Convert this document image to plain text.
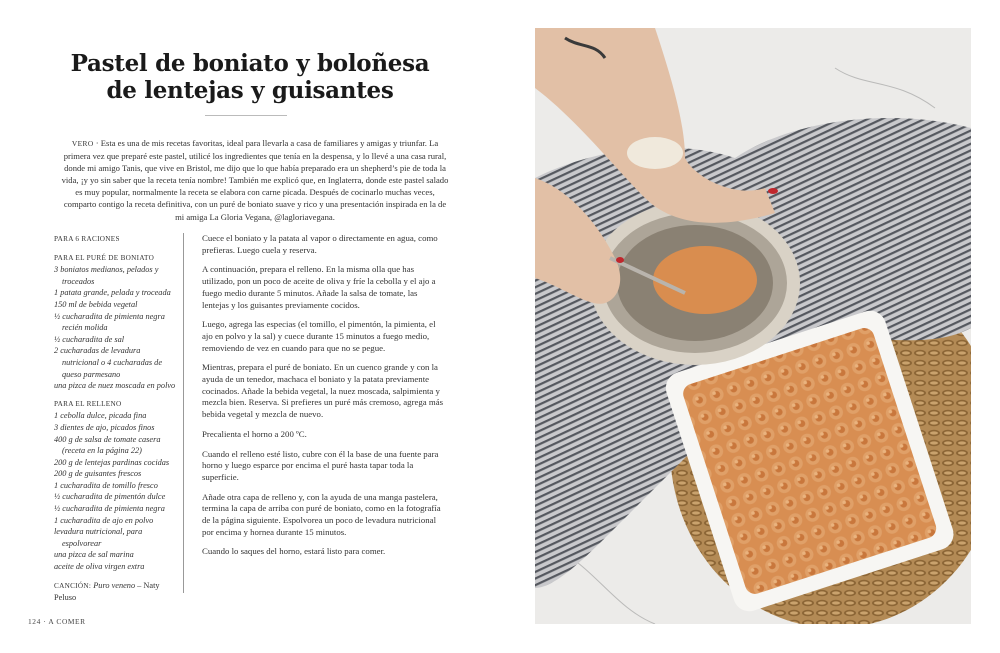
Pastel de boniato y boloñesa
de lentejas y guisantes
VERO · Esta es una de mis recetas favoritas, ideal para llevarla a casa de familiares y amigas y triunfar. La primera vez que preparé este pastel, utilicé los ingredientes que tenía en la despensa, y lo llevé a una casa rural, donde mi amigo Tanis, que vive en Bristol, me dijo que lo que había preparado era un shepherd’s pie de toda la vida, ¡y yo sin saber que la receta tenía nombre! También me explicó que, en Inglaterra, donde este pastel salado es muy popular, normalmente la receta se elabora con carne picada. Después de cocinarlo muchas veces, comparto contigo la receta definitiva, con un puré de boniato suave y rico y una presentación inspirada en la de mi amiga La Gloria Vegana, @lagloriavegana.
PARA 6 RACIONES
PARA EL PURÉ DE BONIATO
3 boniatos medianos, pelados y troceados
1 patata grande, pelada y troceada
150 ml de bebida vegetal
½ cucharadita de pimienta negra recién molida
½ cucharadita de sal
2 cucharadas de levadura nutricional o 4 cucharadas de queso parmesano
una pizca de nuez moscada en polvo
PARA EL RELLENO
1 cebolla dulce, picada fina
3 dientes de ajo, picados finos
400 g de salsa de tomate casera (receta en la página 22)
200 g de lentejas pardinas cocidas
200 g de guisantes frescos
1 cucharadita de tomillo fresco
½ cucharadita de pimentón dulce
½ cucharadita de pimienta negra
1 cucharadita de ajo en polvo
levadura nutricional, para espolvorear
una pizca de sal marina
aceite de oliva virgen extra
CANCIÓN: Puro veneno – Naty Peluso

Cuece el boniato y la patata al vapor o directamente en agua, como prefieras. Luego cuela y reserva.

A continuación, prepara el relleno. En la misma olla que has utilizado, pon un poco de aceite de oliva y fríe la cebolla y el ajo a fuego medio durante 5 minutos. Añade la salsa de tomate, las lentejas y los guisantes previamente cocidos.

Luego, agrega las especias (el tomillo, el pimentón, la pimienta, el ajo en polvo y la sal) y cuece durante 15 minutos a fuego medio, removiendo de vez en cuando para que no se pegue.

Mientras, prepara el puré de boniato. En un cuenco grande y con la ayuda de un tenedor, machaca el boniato y la patata previamente cocinados. Añade la bebida vegetal, la nuez moscada, salpimienta y mezcla bien. Reserva. Si prefieres un puré más cremoso, agrega más bebida vegetal y mezcla de nuevo.

Precalienta el horno a 200 ºC.

Cuando el relleno esté listo, cubre con él la base de una fuente para horno y luego esparce por encima el puré hasta tapar toda la superficie.

Añade otra capa de relleno y, con la ayuda de una manga pastelera, termina la capa de arriba con puré de boniato, como en la fotografía de la página siguiente. Espolvorea un poco de levadura nutricional por encima y hornea durante 15 minutos.

Cuando lo saques del horno, estará listo para comer.

124 · A COMER
